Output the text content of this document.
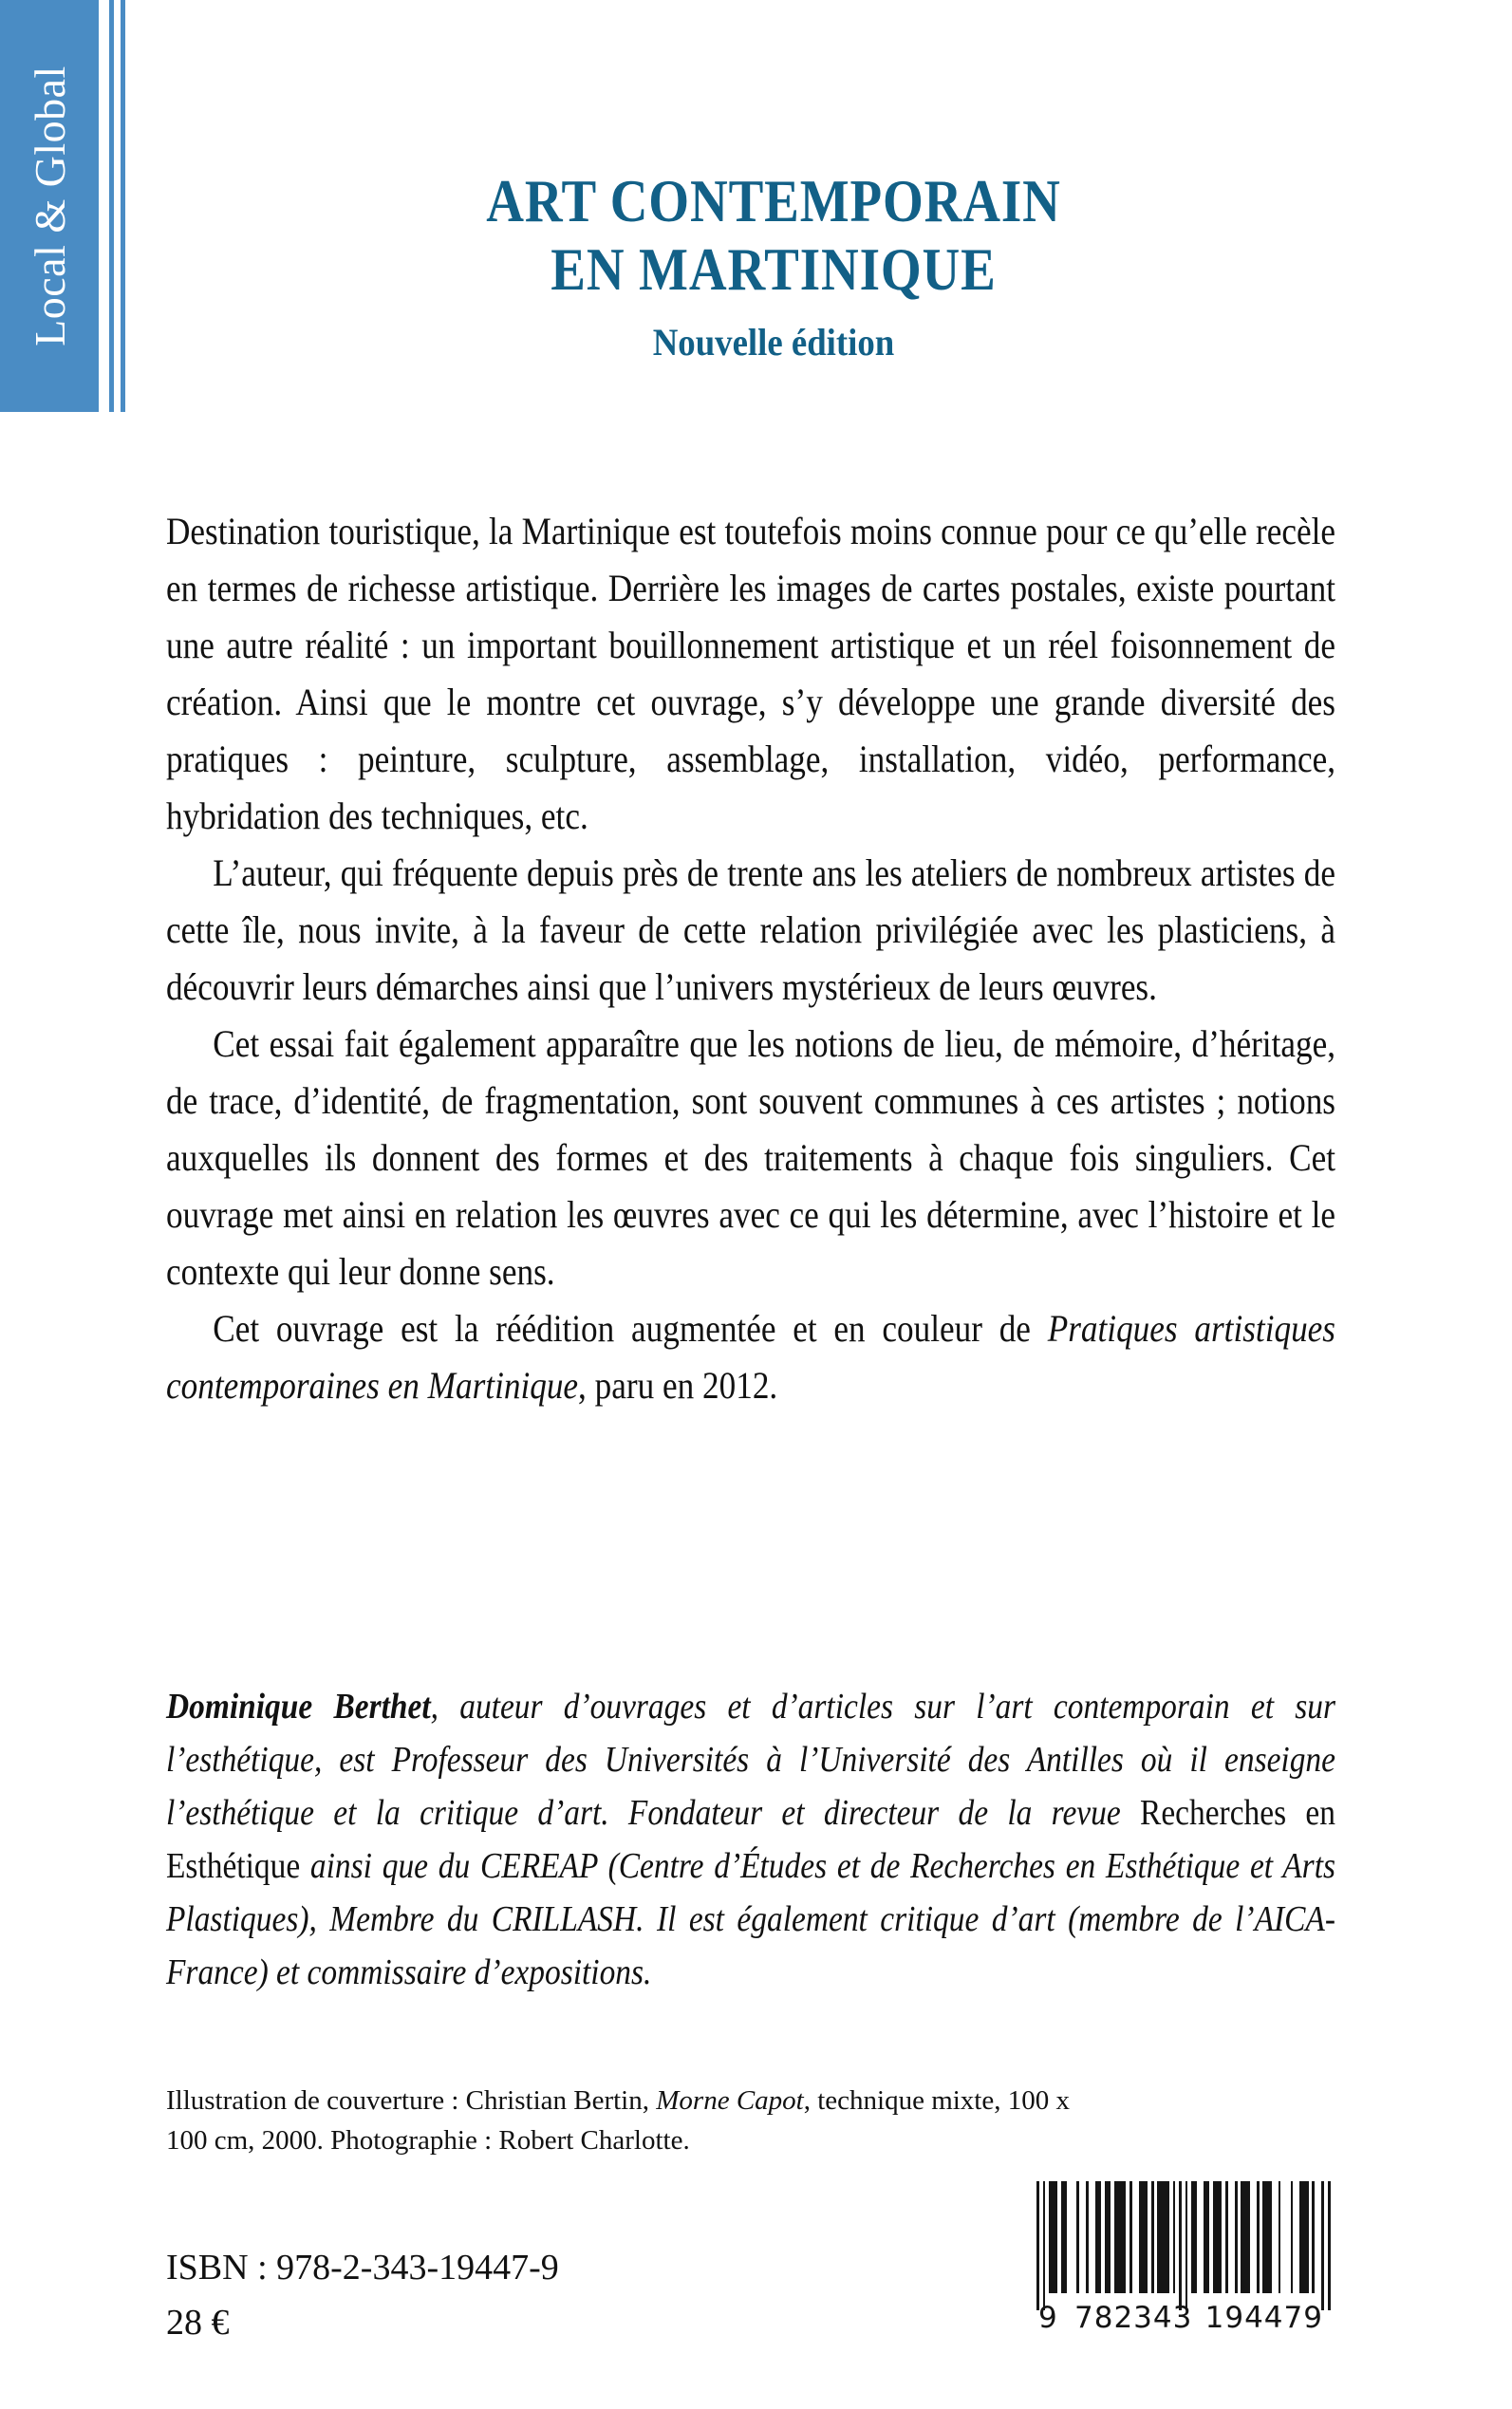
Local & Global	ART CONTEMPORAIN
EN MARTINIQUE
Nouvelle édition

Destination touristique, la Martinique est toutefois moins connue pour ce qu’elle recèle en termes de richesse artistique. Derrière les images de cartes postales, existe pourtant une autre réalité : un important bouillonnement artistique et un réel foisonnement de création. Ainsi que le montre cet ouvrage, s’y développe une grande diversité des pratiques : peinture, sculpture, assemblage, installation, vidéo, performance, hybridation des techniques, etc.

L’auteur, qui fréquente depuis près de trente ans les ateliers de nombreux artistes de cette île, nous invite, à la faveur de cette relation privilégiée avec les plasticiens, à découvrir leurs démarches ainsi que l’univers mystérieux de leurs œuvres.

Cet essai fait également apparaître que les notions de lieu, de mémoire, d’héritage, de trace, d’identité, de fragmentation, sont souvent communes à ces artistes ; notions auxquelles ils donnent des formes et des traitements à chaque fois singuliers. Cet ouvrage met ainsi en relation les œuvres avec ce qui les détermine, avec l’histoire et le contexte qui leur donne sens.

Cet ouvrage est la réédition augmentée et en couleur de Pratiques artistiques contemporaines en Martinique, paru en 2012.

Dominique Berthet, auteur d’ouvrages et d’articles sur l’art contemporain et sur l’esthétique, est Professeur des Universités à l’Université des Antilles où il enseigne l’esthétique et la critique d’art. Fondateur et directeur de la revue Recherches en Esthétique ainsi que du CEREAP (Centre d’Études et de Recherches en Esthétique et Arts Plastiques), Membre du CRILLASH. Il est également critique d’art (membre de l’AICA-France) et commissaire d’expositions.
Illustration de couverture : Christian Bertin, Morne Capot, technique mixte, 100 x 100 cm, 2000. Photographie : Robert Charlotte.
ISBN : 978-2-343-19447-9
28 €	9 782343 194479
